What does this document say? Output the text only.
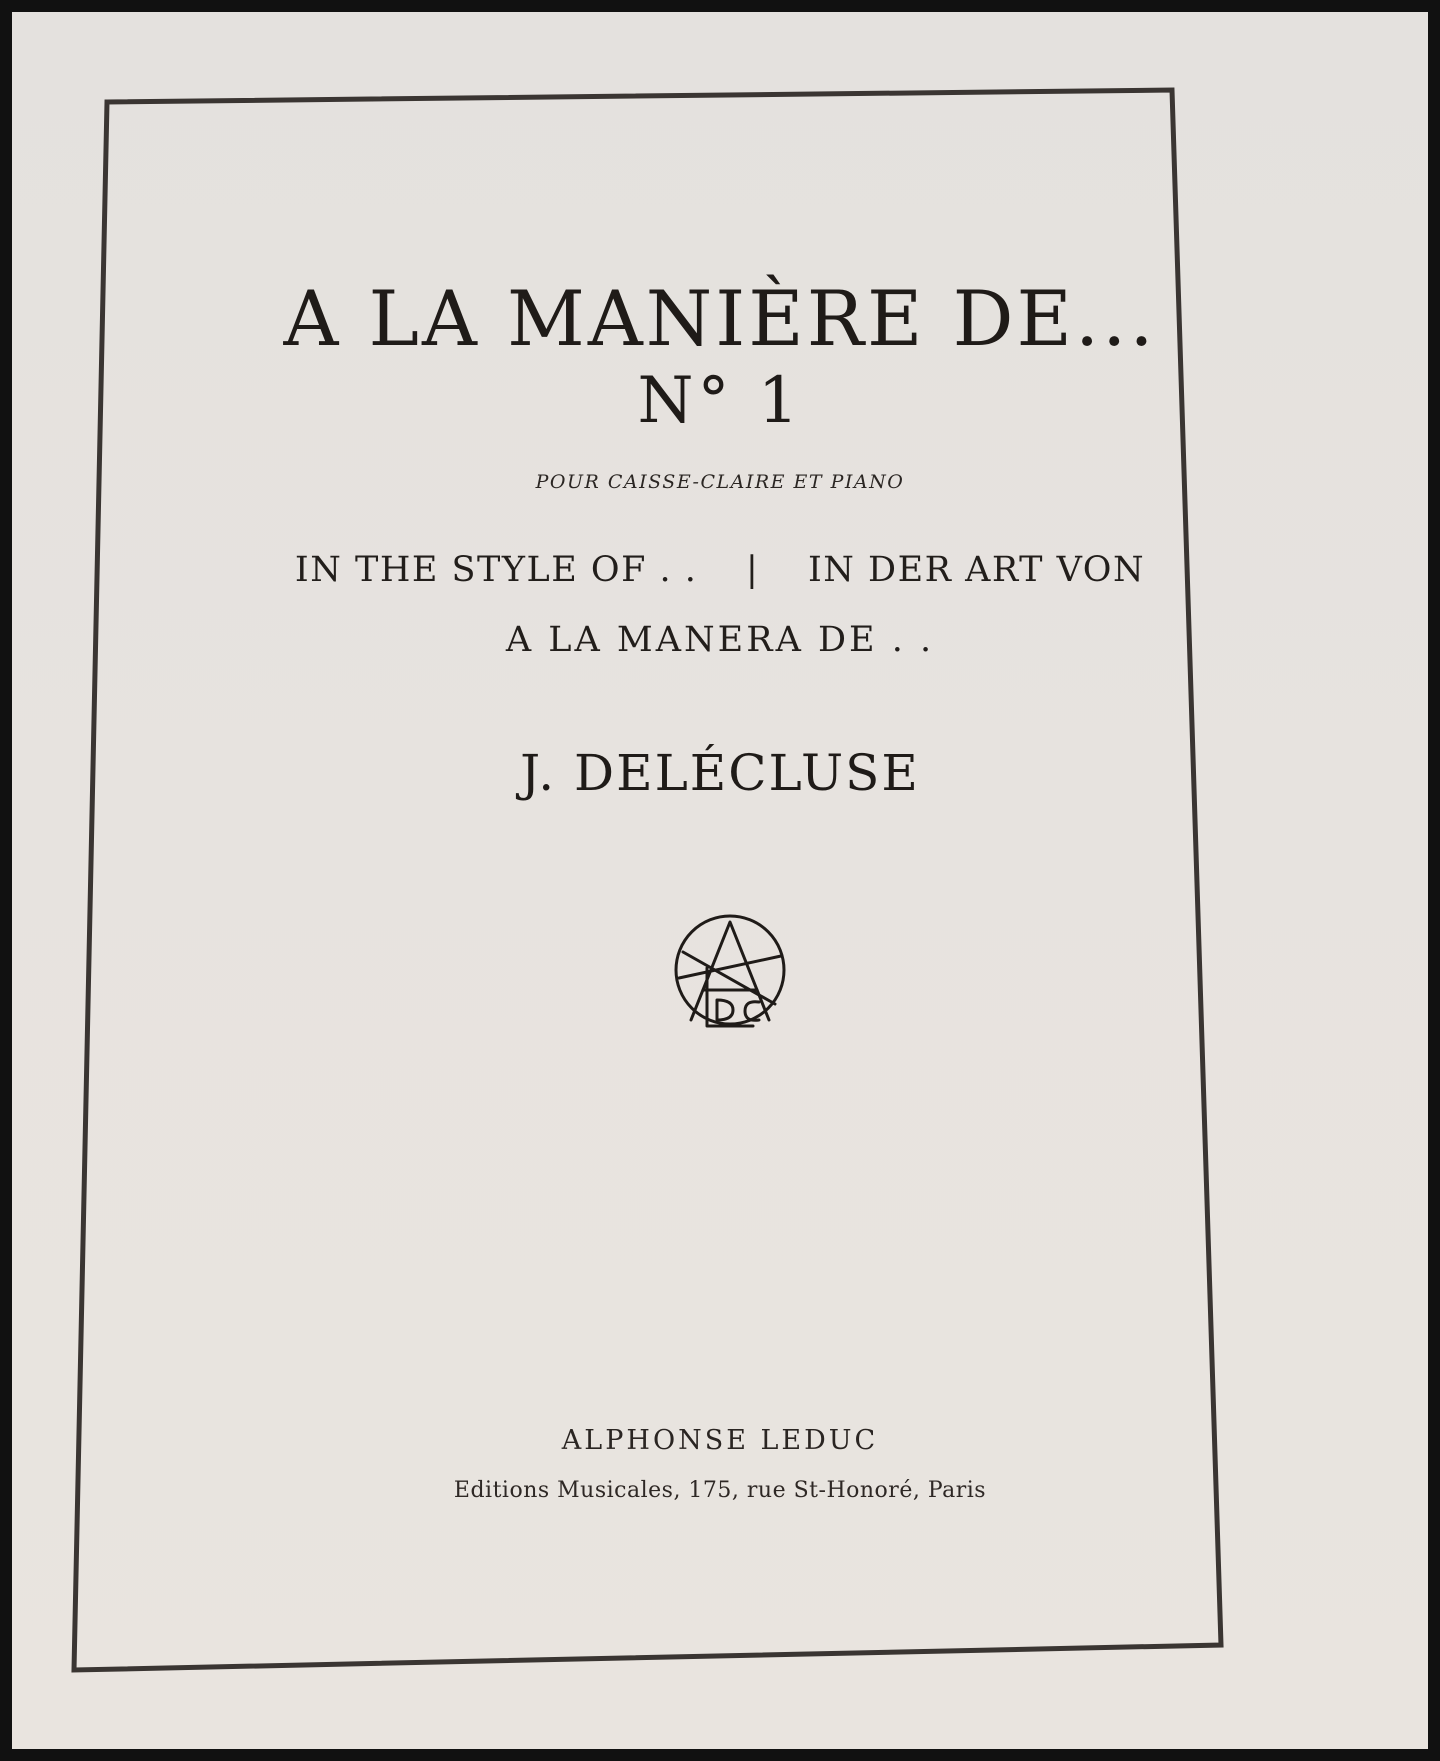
A LA MANIÈRE DE...
N° 1
POUR CAISSE-CLAIRE ET PIANO
IN THE STYLE OF . . | IN DER ART VON
A LA MANERA DE . .
J. DELÉCLUSE
ALPHONSE LEDUC
Editions Musicales, 175, rue St-Honoré, Paris
